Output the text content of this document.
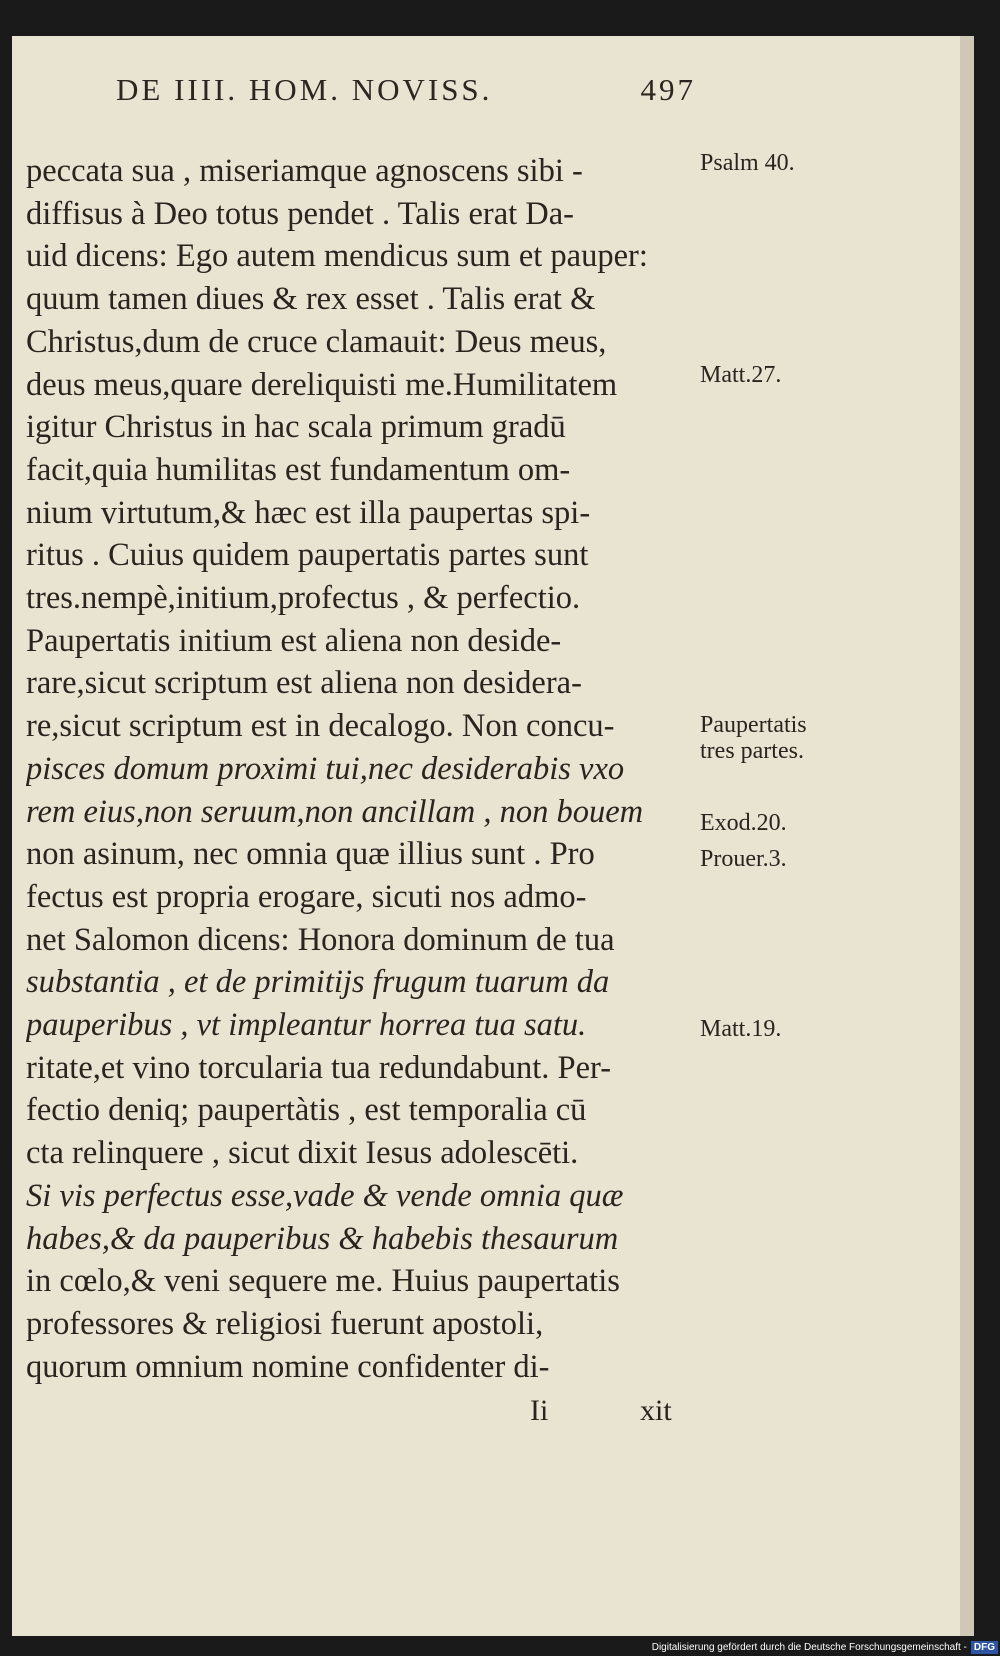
DE IIII. HOM. NOVISS.	497
peccata sua , miseriamque agnoscens sibi -
diffisus à Deo totus pendet . Talis erat Da-
uid dicens: Ego autem mendicus sum et pauper:
quum tamen diues & rex esset . Talis erat &
Christus,dum de cruce clamauit: Deus meus,
deus meus,quare dereliquisti me.Humilitatem
igitur Christus in hac scala primum gradū
facit,quia humilitas est fundamentum om-
nium virtutum,& hæc est illa paupertas spi-
ritus . Cuius quidem paupertatis partes sunt
tres.nempè,initium,profectus , & perfectio.
Paupertatis initium est aliena non deside-
rare,sicut scriptum est aliena non desidera-
re,sicut scriptum est in decalogo. Non concu-
pisces domum proximi tui,nec desiderabis vxo
rem eius,non seruum,non ancillam , non bouem
non asinum, nec omnia quæ illius sunt . Pro
fectus est propria erogare, sicuti nos admo-
net Salomon dicens: Honora dominum de tua
substantia , et de primitijs frugum tuarum da
pauperibus , vt impleantur horrea tua satu.
ritate,et vino torcularia tua redundabunt. Per-
fectio deniq; paupertàtis , est temporalia cū
cta relinquere , sicut dixit Iesus adolescēti.
Si vis perfectus esse,vade & vende omnia quæ
habes,& da pauperibus & habebis thesaurum
in cœlo,& veni sequere me. Huius paupertatis
professores & religiosi fuerunt apostoli,
quorum omnium nomine confidenter di-
Psalm 40.
Matt.27.
Paupertatis tres partes.
Exod.20.
Prouer.3.
Matt.19.
Ii	xit
Digitalisierung gefördert durch die Deutsche Forschungsgemeinschaft - DFG
